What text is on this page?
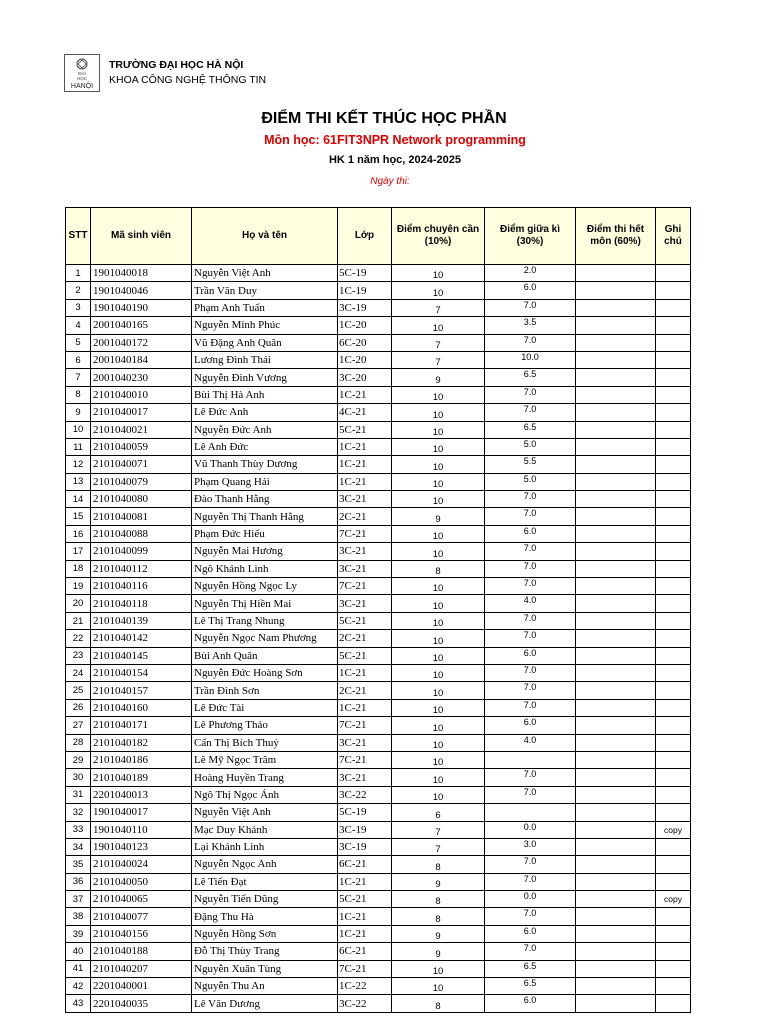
ĐẠI
HỌC
HANỘI
TRƯỜNG ĐẠI HỌC HÀ NỘI
KHOA CÔNG NGHỆ THÔNG TIN
ĐIỂM THI KẾT THÚC HỌC PHẦN
Môn học: 61FIT3NPR Network programming
HK 1 năm học, 2024-2025
Ngày thi:
STT	Mã sinh viên	Họ và tên	Lớp	Điểm chuyên cần (10%)	Điểm giữa kì (30%)	Điểm thi hết môn (60%)	Ghi chú
1	1901040018	Nguyễn Việt Anh	5C-19	10	2.0		
2	1901040046	Trần Văn Duy	1C-19	10	6.0		
3	1901040190	Phạm Anh Tuấn	3C-19	7	7.0		
4	2001040165	Nguyễn Minh Phúc	1C-20	10	3.5		
5	2001040172	Vũ Đặng Anh Quân	6C-20	7	7.0		
6	2001040184	Lương Đình Thái	1C-20	7	10.0		
7	2001040230	Nguyễn Đình Vương	3C-20	9	6.5		
8	2101040010	Bùi Thị Hà Anh	1C-21	10	7.0		
9	2101040017	Lê Đức Anh	4C-21	10	7.0		
10	2101040021	Nguyễn Đức Anh	5C-21	10	6.5		
11	2101040059	Lê Anh Đức	1C-21	10	5.0		
12	2101040071	Vũ Thanh Thùy Dương	1C-21	10	5.5		
13	2101040079	Phạm Quang Hải	1C-21	10	5.0		
14	2101040080	Đào Thanh Hằng	3C-21	10	7.0		
15	2101040081	Nguyễn Thị Thanh Hằng	2C-21	9	7.0		
16	2101040088	Phạm Đức Hiếu	7C-21	10	6.0		
17	2101040099	Nguyễn Mai Hương	3C-21	10	7.0		
18	2101040112	Ngô Khánh Linh	3C-21	8	7.0		
19	2101040116	Nguyễn Hồng Ngọc Ly	7C-21	10	7.0		
20	2101040118	Nguyễn Thị Hiền Mai	3C-21	10	4.0		
21	2101040139	Lê Thị Trang Nhung	5C-21	10	7.0		
22	2101040142	Nguyễn Ngọc Nam Phương	2C-21	10	7.0		
23	2101040145	Bùi Anh Quân	5C-21	10	6.0		
24	2101040154	Nguyễn Đức Hoàng Sơn	1C-21	10	7.0		
25	2101040157	Trần Đình Sơn	2C-21	10	7.0		
26	2101040160	Lê Đức Tài	1C-21	10	7.0		
27	2101040171	Lê Phương Thảo	7C-21	10	6.0		
28	2101040182	Cấn Thị Bích Thuỷ	3C-21	10	4.0		
29	2101040186	Lê Mỹ Ngọc Trâm	7C-21	10			
30	2101040189	Hoàng Huyền Trang	3C-21	10	7.0		
31	2201040013	Ngô Thị Ngọc Ánh	3C-22	10	7.0		
32	1901040017	Nguyễn Việt Anh	5C-19	6			
33	1901040110	Mạc Duy Khánh	3C-19	7	0.0		copy
34	1901040123	Lại Khánh Linh	3C-19	7	3.0		
35	2101040024	Nguyễn Ngọc Anh	6C-21	8	7.0		
36	2101040050	Lê Tiến Đạt	1C-21	9	7.0		
37	2101040065	Nguyễn Tiến Dũng	5C-21	8	0.0		copy
38	2101040077	Đặng Thu Hà	1C-21	8	7.0		
39	2101040156	Nguyễn Hồng Sơn	1C-21	9	6.0		
40	2101040188	Đỗ Thị Thùy Trang	6C-21	9	7.0		
41	2101040207	Nguyễn Xuân Tùng	7C-21	10	6.5		
42	2201040001	Nguyễn Thu An	1C-22	10	6.5		
43	2201040035	Lê Văn Dương	3C-22	8	6.0		
